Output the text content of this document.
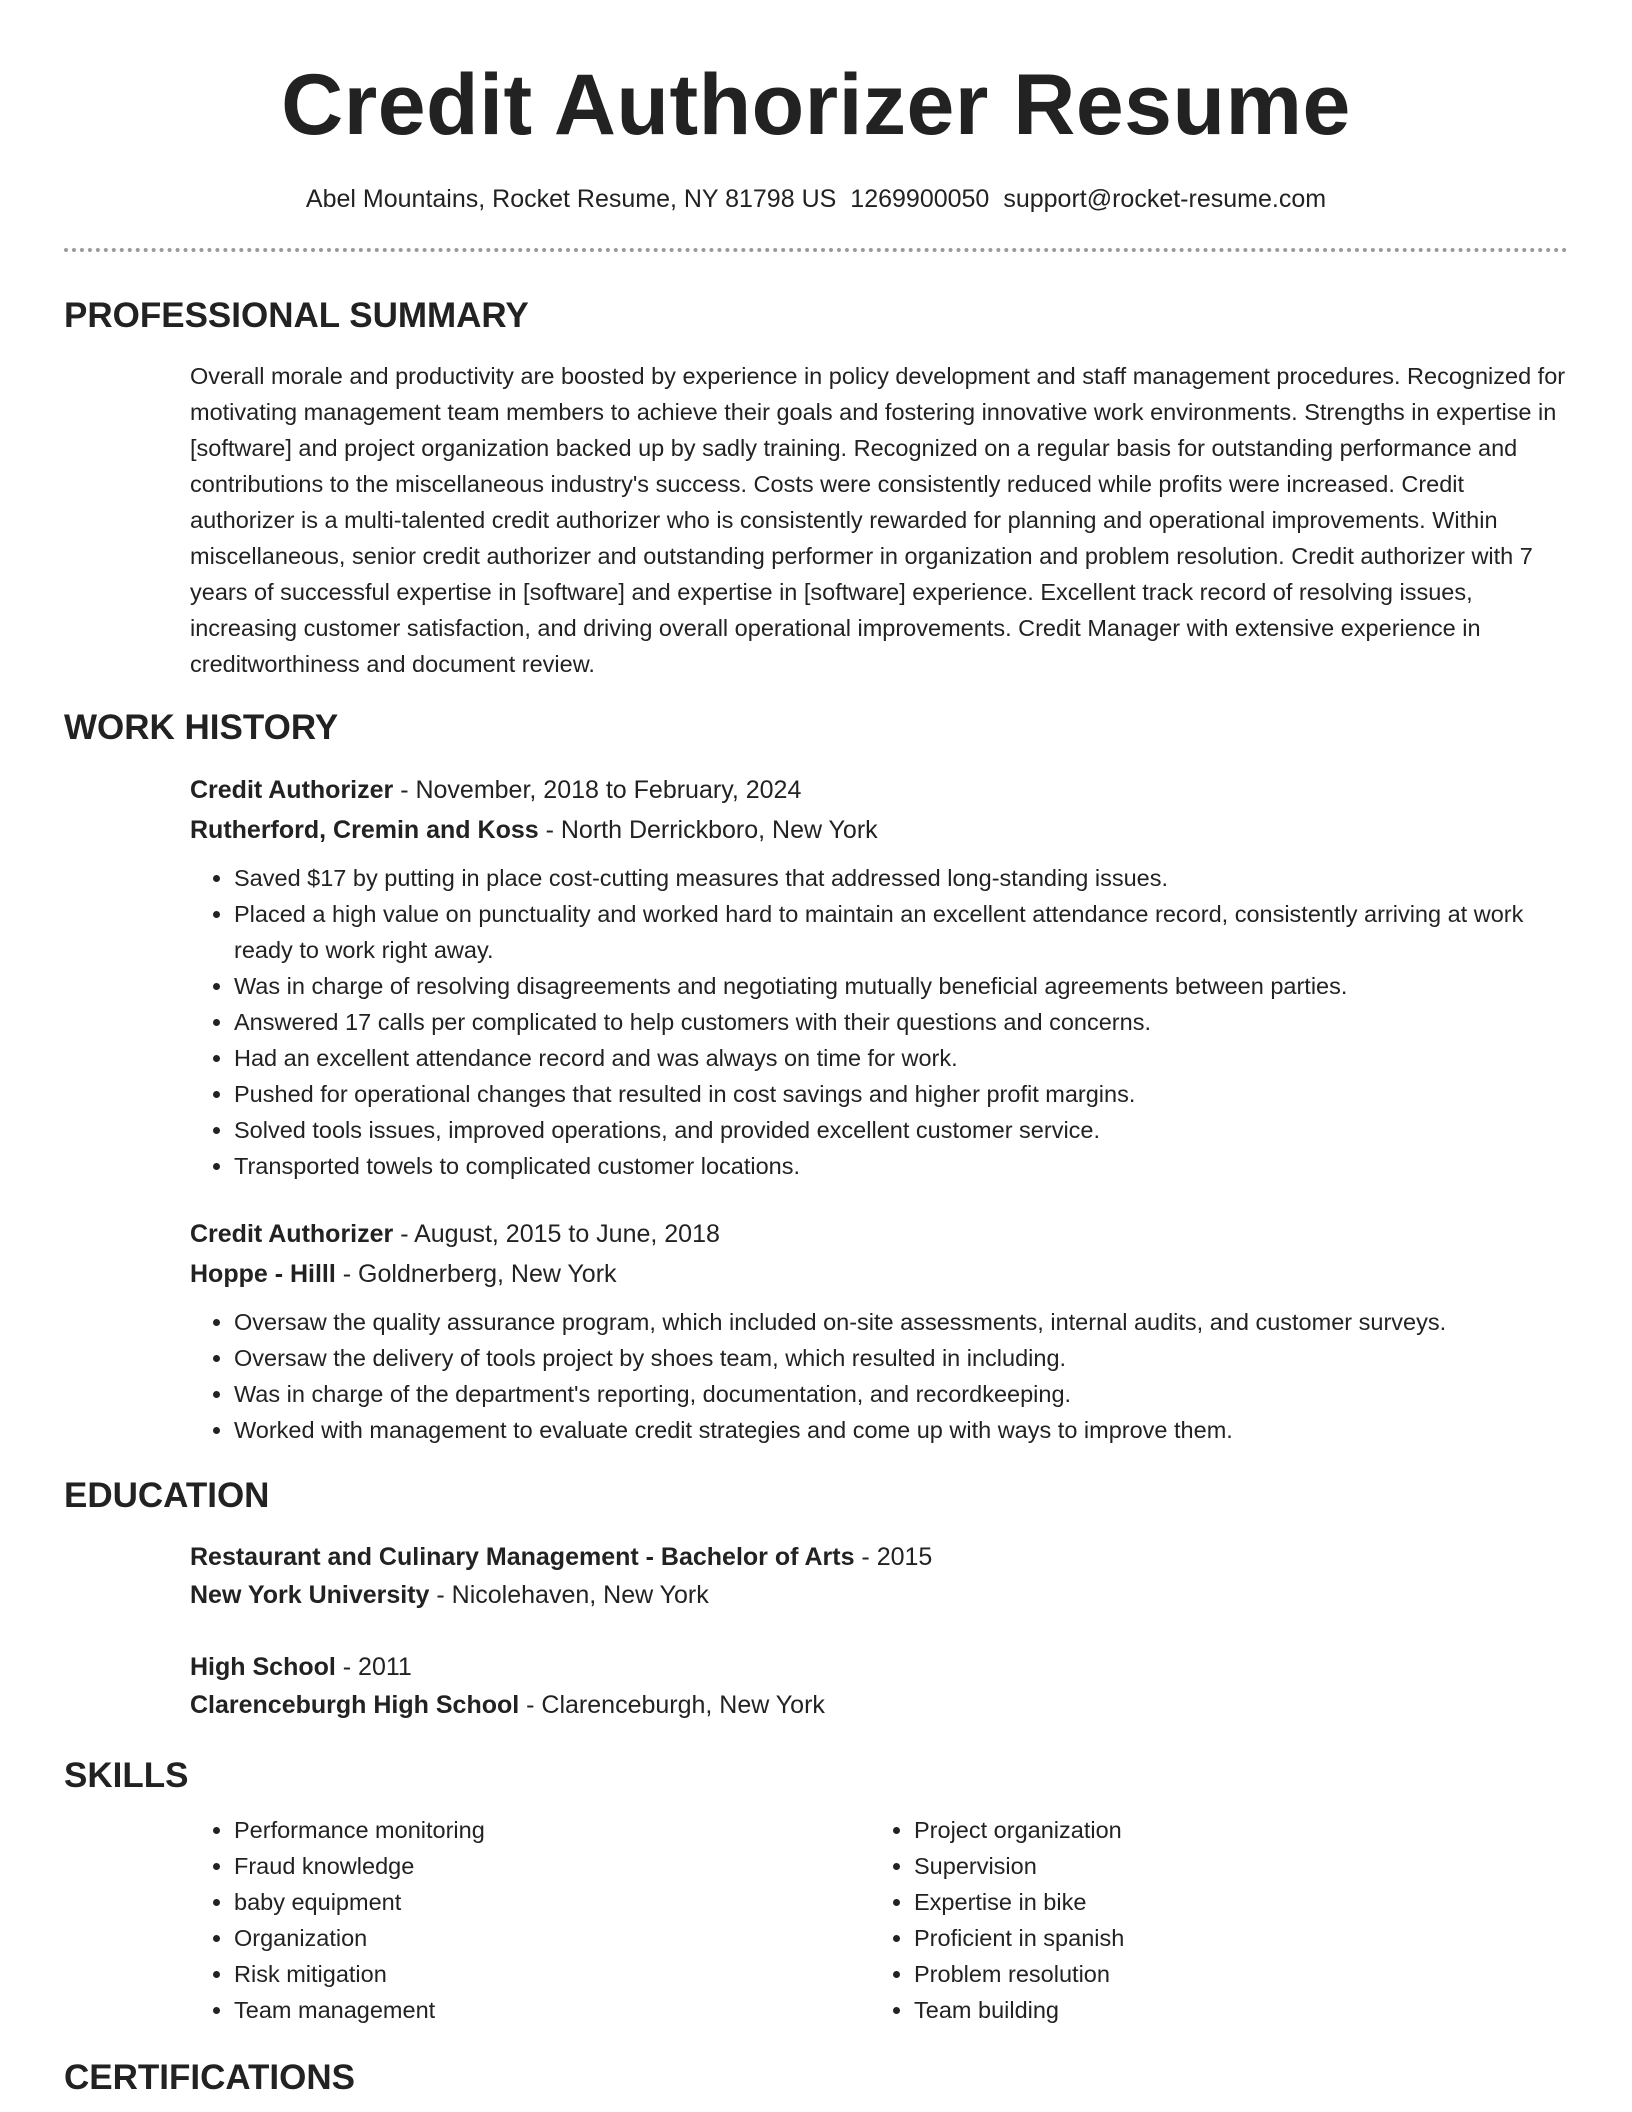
Credit Authorizer Resume
Abel Mountains, Rocket Resume, NY 81798 US 1269900050 support@rocket-resume.com
PROFESSIONAL SUMMARY
Overall morale and productivity are boosted by experience in policy development and staff management procedures. Recognized for motivating management team members to achieve their goals and fostering innovative work environments. Strengths in expertise in [software] and project organization backed up by sadly training. Recognized on a regular basis for outstanding performance and contributions to the miscellaneous industry's success. Costs were consistently reduced while profits were increased. Credit authorizer is a multi-talented credit authorizer who is consistently rewarded for planning and operational improvements. Within miscellaneous, senior credit authorizer and outstanding performer in organization and problem resolution. Credit authorizer with 7 years of successful expertise in [software] and expertise in [software] experience. Excellent track record of resolving issues, increasing customer satisfaction, and driving overall operational improvements. Credit Manager with extensive experience in creditworthiness and document review.
WORK HISTORY
Credit Authorizer - November, 2018 to February, 2024
Rutherford, Cremin and Koss - North Derrickboro, New York
• Saved $17 by putting in place cost-cutting measures that addressed long-standing issues.
• Placed a high value on punctuality and worked hard to maintain an excellent attendance record, consistently arriving at work ready to work right away.
• Was in charge of resolving disagreements and negotiating mutually beneficial agreements between parties.
• Answered 17 calls per complicated to help customers with their questions and concerns.
• Had an excellent attendance record and was always on time for work.
• Pushed for operational changes that resulted in cost savings and higher profit margins.
• Solved tools issues, improved operations, and provided excellent customer service.
• Transported towels to complicated customer locations.
Credit Authorizer - August, 2015 to June, 2018
Hoppe - Hilll - Goldnerberg, New York
• Oversaw the quality assurance program, which included on-site assessments, internal audits, and customer surveys.
• Oversaw the delivery of tools project by shoes team, which resulted in including.
• Was in charge of the department's reporting, documentation, and recordkeeping.
• Worked with management to evaluate credit strategies and come up with ways to improve them.
EDUCATION
Restaurant and Culinary Management - Bachelor of Arts - 2015
New York University - Nicolehaven, New York
High School - 2011
Clarenceburgh High School - Clarenceburgh, New York
SKILLS
• Performance monitoring
• Fraud knowledge
• baby equipment
• Organization
• Risk mitigation
• Team management
• Project organization
• Supervision
• Expertise in bike
• Proficient in spanish
• Problem resolution
• Team building
CERTIFICATIONS
